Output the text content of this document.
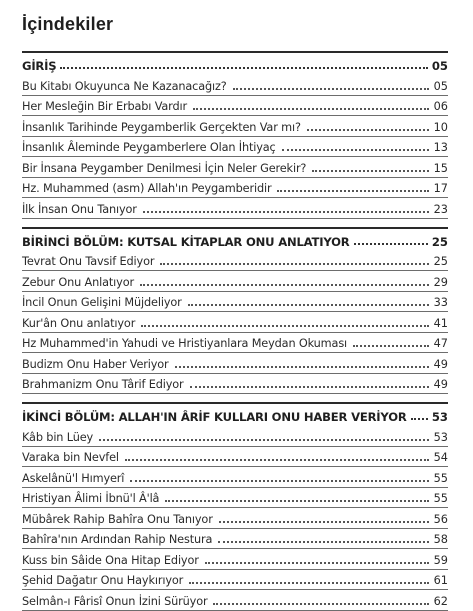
İçindekiler
GİRİŞ	05
Bu Kitabı Okuyunca Ne Kazanacağız?	05
Her Mesleğin Bir Erbabı Vardır	06
İnsanlık Tarihinde Peygamberlik Gerçekten Var mı?	10
İnsanlık Âleminde Peygamberlere Olan İhtiyaç	13
Bir İnsana Peygamber Denilmesi İçin Neler Gerekir?	15
Hz. Muhammed (asm) Allah'ın Peygamberidir	17
İlk İnsan Onu Tanıyor	23
BİRİNCİ BÖLÜM: KUTSAL KİTAPLAR ONU ANLATIYOR	25
Tevrat Onu Tavsif Ediyor	25
Zebur Onu Anlatıyor	29
İncil Onun Gelişini Müjdeliyor	33
Kur'ân Onu anlatıyor	41
Hz Muhammed'in Yahudi ve Hristiyanlara Meydan Okuması	47
Budizm Onu Haber Veriyor	49
Brahmanizm Onu Târif Ediyor	49
İKİNCİ BÖLÜM: ALLAH'IN ÂRİF KULLARI ONU HABER VERİYOR 53
Kâb bin Lüey	53
Varaka bin Nevfel	54
Askelânü'l Hımyerî	55
Hristiyan Âlimi İbnü'l Â'lâ	55
Mübârek Rahip Bahîra Onu Tanıyor	56
Bahîra'nın Ardından Rahip Nestura	58
Kuss bin Sâide Ona Hitap Ediyor	59
Şehid Dağatır Onu Haykırıyor	61
Selmân-ı Fârisî Onun İzini Sürüyor	62
